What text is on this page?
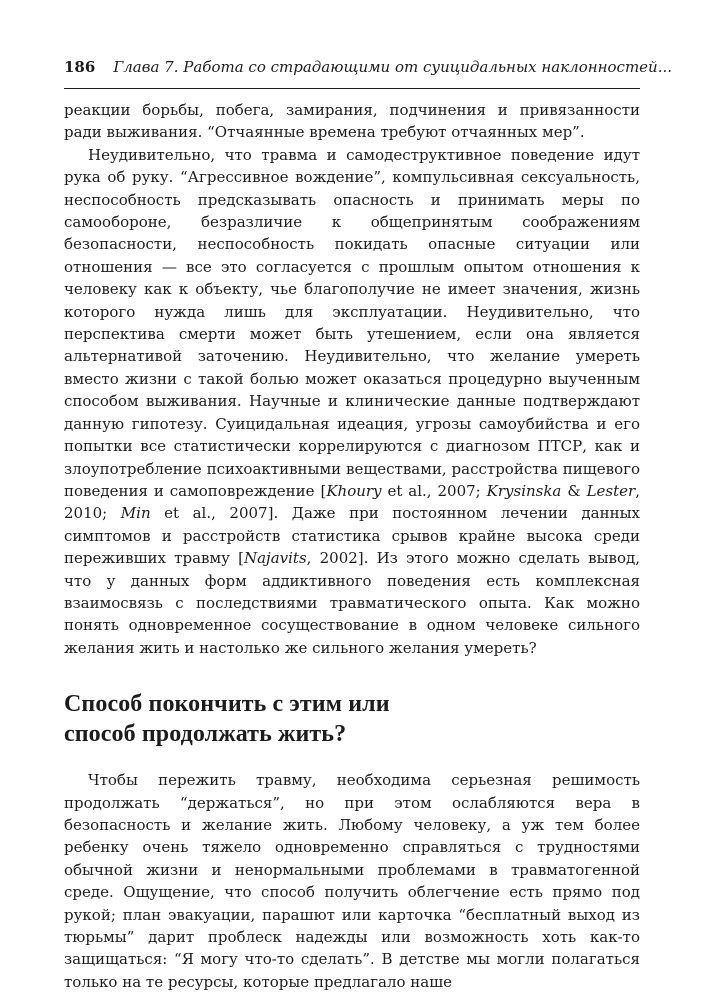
186 Глава 7. Работа со страдающими от суицидальных наклонностей...

реакции борьбы, побега, замирания, подчинения и привязанности ради выживания. “Отчаянные времена требуют отчаянных мер”.

Неудивительно, что травма и самодеструктивное поведение идут рука об руку. “Агрессивное вождение”, компульсивная сексуальность, неспособность предсказывать опасность и принимать меры по самообороне, безразличие к общепринятым соображениям безопасности, неспособность покидать опасные ситуации или отношения — все это согласуется с прошлым опытом отношения к человеку как к объекту, чье благополучие не имеет значения, жизнь которого нужда лишь для эксплуатации. Неудивительно, что перспектива смерти может быть утешением, если она является альтернативой заточению. Неудивительно, что желание умереть вместо жизни с такой болью может оказаться процедурно выученным способом выживания. Научные и клинические данные подтверждают данную гипотезу. Суицидальная идеация, угрозы самоубийства и его попытки все статистически коррелируются с диагнозом ПТСР, как и злоупотребление психоактивными веществами, расстройства пищевого поведения и самоповреждение [Khoury et al., 2007; Krysinska & Lester, 2010; Min et al., 2007]. Даже при постоянном лечении данных симптомов и расстройств статистика срывов крайне высока среди переживших травму [Najavits, 2002]. Из этого можно сделать вывод, что у данных форм аддиктивного поведения есть комплексная взаимосвязь с последствиями травматического опыта. Как можно понять одновременное сосуществование в одном человеке сильного желания жить и настолько же сильного желания умереть?

Способ покончить с этим или
способ продолжать жить?

Чтобы пережить травму, необходима серьезная решимость продолжать “держаться”, но при этом ослабляются вера в безопасность и желание жить. Любому человеку, а уж тем более ребенку очень тяжело одновременно справляться с трудностями обычной жизни и ненормальными проблемами в травматогенной среде. Ощущение, что способ получить облегчение есть прямо под рукой; план эвакуации, парашют или карточка “бесплатный выход из тюрьмы” дарит проблеск надежды или возможность хоть как-то защищаться: “Я могу что-то сделать”. В детстве мы могли полагаться только на те ресурсы, которые предлагало наше
